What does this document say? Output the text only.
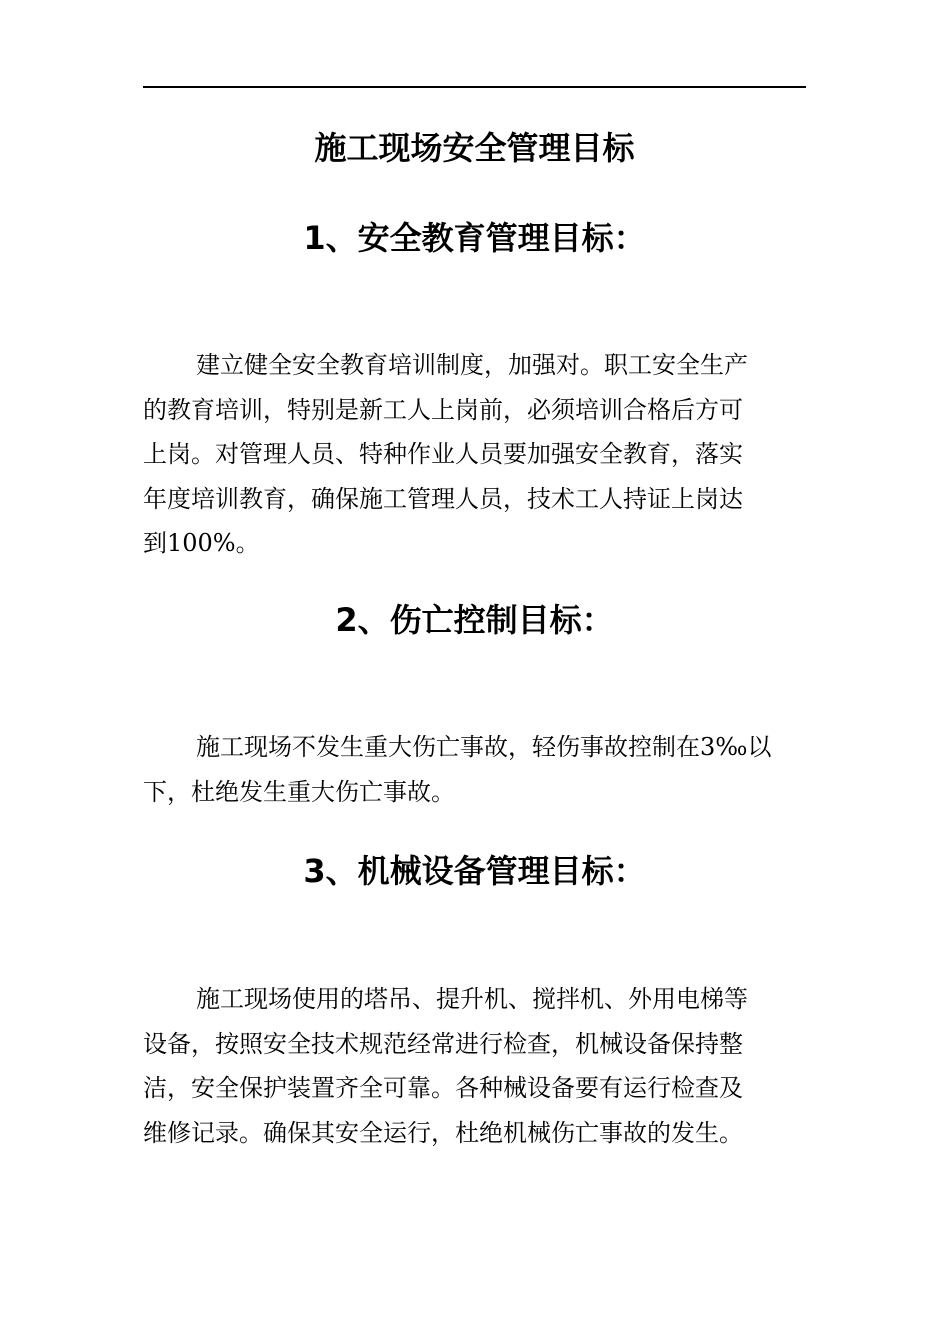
施工现场安全管理目标
1、安全教育管理目标：
建立健全安全教育培训制度，加强对。职工安全生产
的教育培训，特别是新工人上岗前，必须培训合格后方可
上岗。对管理人员、特种作业人员要加强安全教育，落实
年度培训教育，确保施工管理人员，技术工人持证上岗达
到100%。
2、伤亡控制目标：
施工现场不发生重大伤亡事故，轻伤事故控制在3‰以
下，杜绝发生重大伤亡事故。
3、机械设备管理目标：
施工现场使用的塔吊、提升机、搅拌机、外用电梯等
设备，按照安全技术规范经常进行检查，机械设备保持整
洁，安全保护装置齐全可靠。各种械设备要有运行检查及
维修记录。确保其安全运行，杜绝机械伤亡事故的发生。
